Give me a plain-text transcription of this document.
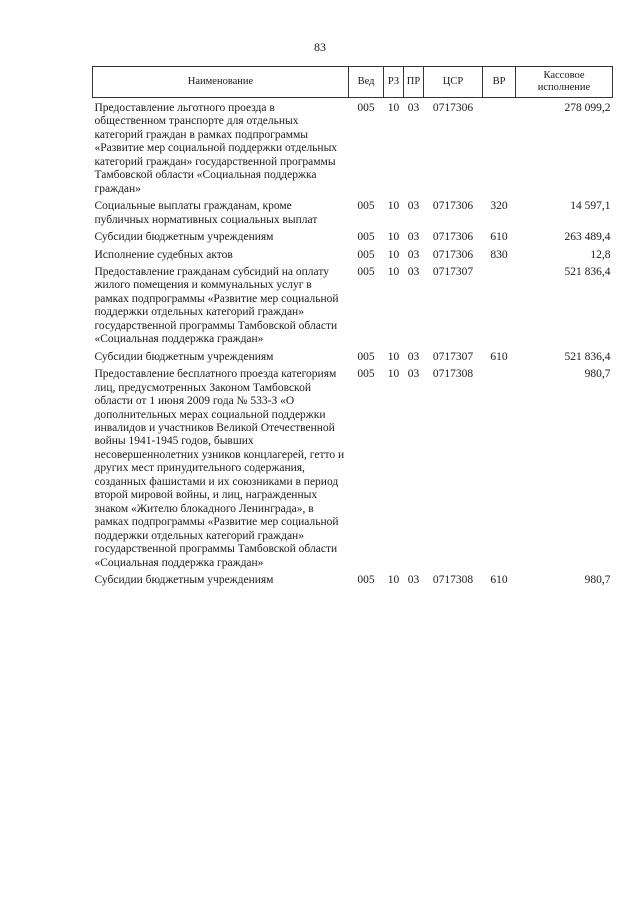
83
Наименование	Вед	РЗ	ПР	ЦСР	ВР	Кассовое
исполнение

Предоставление льготного проезда в общественном транспорте для отдельных категорий граждан в рамках подпрограммы «Развитие мер социальной поддержки отдельных категорий граждан» государственной программы Тамбовской области «Социальная поддержка граждан»	005	10	03	0717306		278 099,2

Социальные выплаты гражданам, кроме публичных нормативных социальных выплат	005	10	03	0717306	320	14 597,1

Субсидии бюджетным учреждениям	005	10	03	0717306	610	263 489,4

Исполнение судебных актов	005	10	03	0717306	830	12,8

Предоставление гражданам субсидий на оплату жилого помещения и коммунальных услуг в рамках подпрограммы «Развитие мер социальной поддержки отдельных категорий граждан» государственной программы Тамбовской области «Социальная поддержка граждан»	005	10	03	0717307		521 836,4

Субсидии бюджетным учреждениям	005	10	03	0717307	610	521 836,4

Предоставление бесплатного проезда категориям лиц, предусмотренных Законом Тамбовской области от 1 июня 2009 года № 533-З «О дополнительных мерах социальной поддержки инвалидов и участников Великой Отечественной войны 1941-1945 годов, бывших несовершеннолетних узников концлагерей, гетто и других мест принудительного содержания, созданных фашистами и их союзниками в период второй мировой войны, и лиц, награжденных знаком «Жителю блокадного Ленинграда», в рамках подпрограммы «Развитие мер социальной поддержки отдельных категорий граждан» государственной программы Тамбовской области «Социальная поддержка граждан»	005	10	03	0717308		980,7

Субсидии бюджетным учреждениям	005	10	03	0717308	610	980,7
